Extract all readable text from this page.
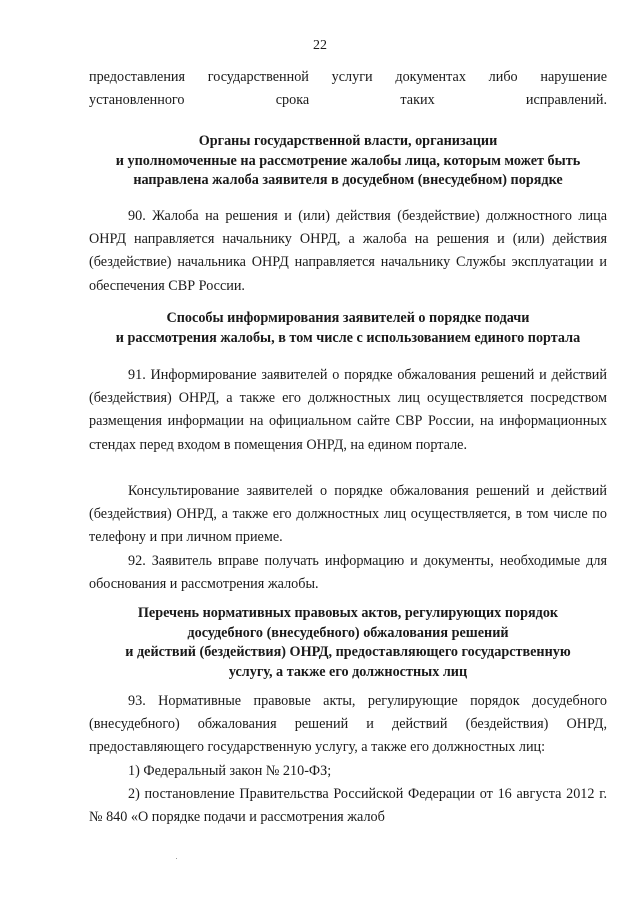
22
предоставления государственной услуги документах либо нарушение установленного срока таких исправлений.
Органы государственной власти, организации
и уполномоченные на рассмотрение жалобы лица, которым может быть направлена жалоба заявителя в досудебном (внесудебном) порядке
90. Жалоба на решения и (или) действия (бездействие) должностного лица ОНРД направляется начальнику ОНРД, а жалоба на решения и (или) действия (бездействие) начальника ОНРД направляется начальнику Службы эксплуатации и обеспечения СВР России.
Способы информирования заявителей о порядке подачи
и рассмотрения жалобы, в том числе с использованием единого портала
91. Информирование заявителей о порядке обжалования решений и действий (бездействия) ОНРД, а также его должностных лиц осуществляется посредством размещения информации на официальном сайте СВР России, на информационных стендах перед входом в помещения ОНРД, на едином портале.
Консультирование заявителей о порядке обжалования решений и действий (бездействия) ОНРД, а также его должностных лиц осуществляется, в том числе по телефону и при личном приеме.
92. Заявитель вправе получать информацию и документы, необходимые для обоснования и рассмотрения жалобы.
Перечень нормативных правовых актов, регулирующих порядок
досудебного (внесудебного) обжалования решений
и действий (бездействия) ОНРД, предоставляющего государственную
услугу, а также его должностных лиц
93. Нормативные правовые акты, регулирующие порядок досудебного (внесудебного) обжалования решений и действий (бездействия) ОНРД, предоставляющего государственную услугу, а также его должностных лиц:
1) Федеральный закон № 210-ФЗ;
2) постановление Правительства Российской Федерации от 16 августа 2012 г. № 840 «О порядке подачи и рассмотрения жалоб
